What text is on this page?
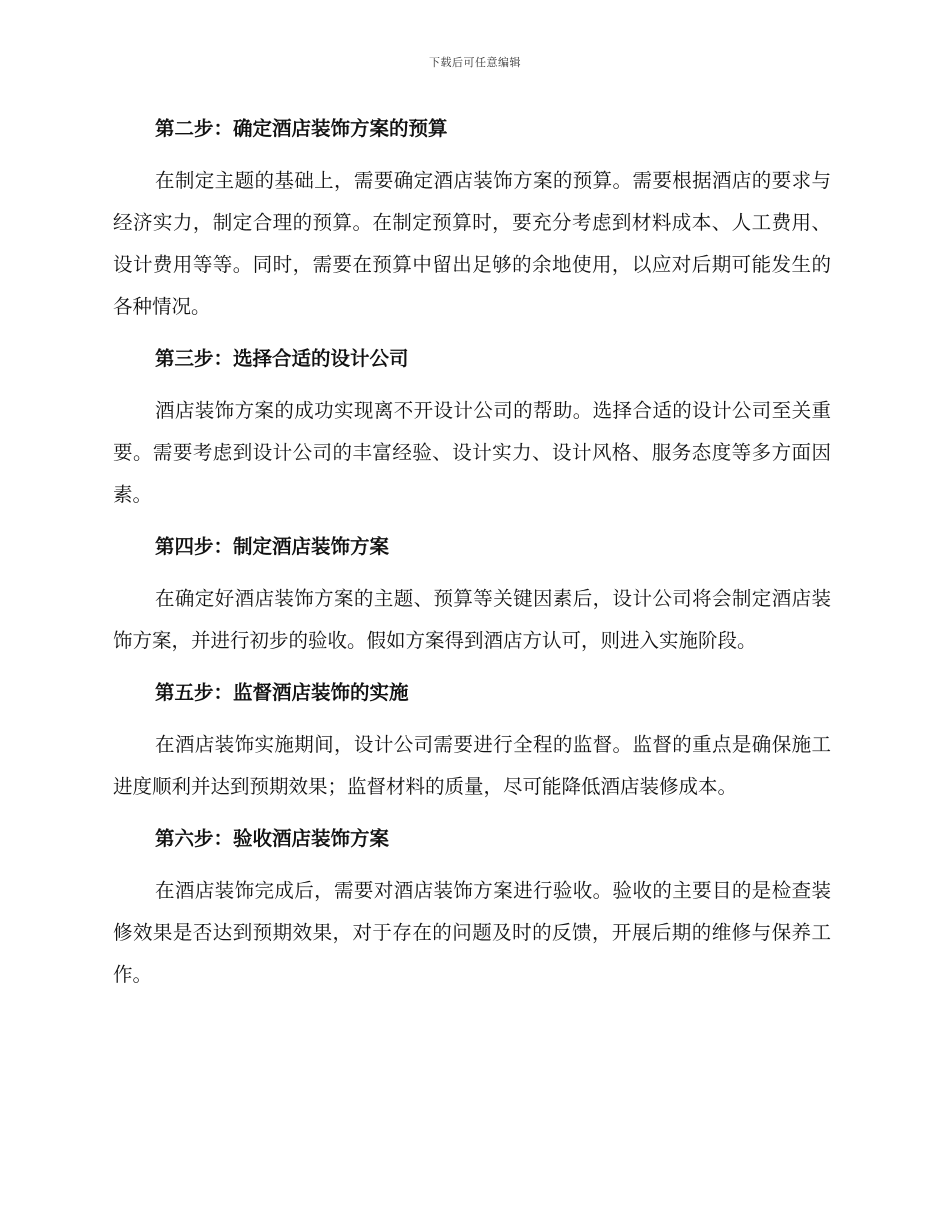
下载后可任意编辑

第二步：确定酒店装饰方案的预算

在制定主题的基础上，需要确定酒店装饰方案的预算。需要根据酒店的要求与经济实力，制定合理的预算。在制定预算时，要充分考虑到材料成本、人工费用、设计费用等等。同时，需要在预算中留出足够的余地使用，以应对后期可能发生的各种情况。

第三步：选择合适的设计公司

酒店装饰方案的成功实现离不开设计公司的帮助。选择合适的设计公司至关重要。需要考虑到设计公司的丰富经验、设计实力、设计风格、服务态度等多方面因素。

第四步：制定酒店装饰方案

在确定好酒店装饰方案的主题、预算等关键因素后，设计公司将会制定酒店装饰方案，并进行初步的验收。假如方案得到酒店方认可，则进入实施阶段。

第五步：监督酒店装饰的实施

在酒店装饰实施期间，设计公司需要进行全程的监督。监督的重点是确保施工进度顺利并达到预期效果；监督材料的质量，尽可能降低酒店装修成本。

第六步：验收酒店装饰方案

在酒店装饰完成后，需要对酒店装饰方案进行验收。验收的主要目的是检查装修效果是否达到预期效果，对于存在的问题及时的反馈，开展后期的维修与保养工作。
